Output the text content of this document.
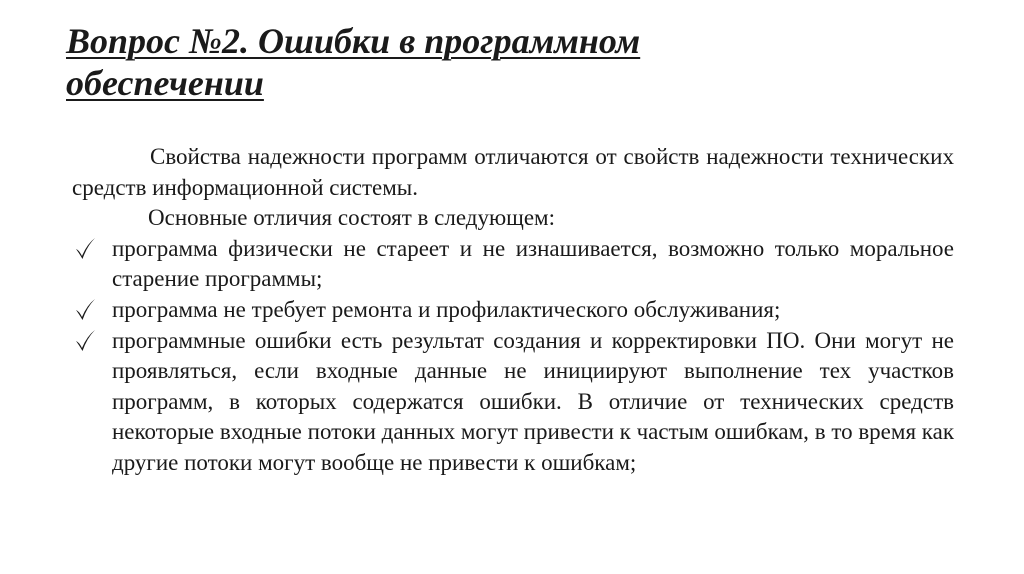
Вопрос №2. Ошибки в программном
обеспечении

Свойства надежности программ отличаются от свойств надежности технических средств информационной системы.

Основные отличия состоят в следующем:

программа физически не стареет и не изнашивается, возможно только моральное старение программы;
программа не требует ремонта и профилактического обслуживания;
программные ошибки есть результат создания и корректировки ПО. Они могут не проявляться, если входные данные не инициируют выполнение тех участков программ, в которых содержатся ошибки. В отличие от технических средств некоторые входные потоки данных могут привести к частым ошибкам, в то время как другие потоки могут вообще не привести к ошибкам;
